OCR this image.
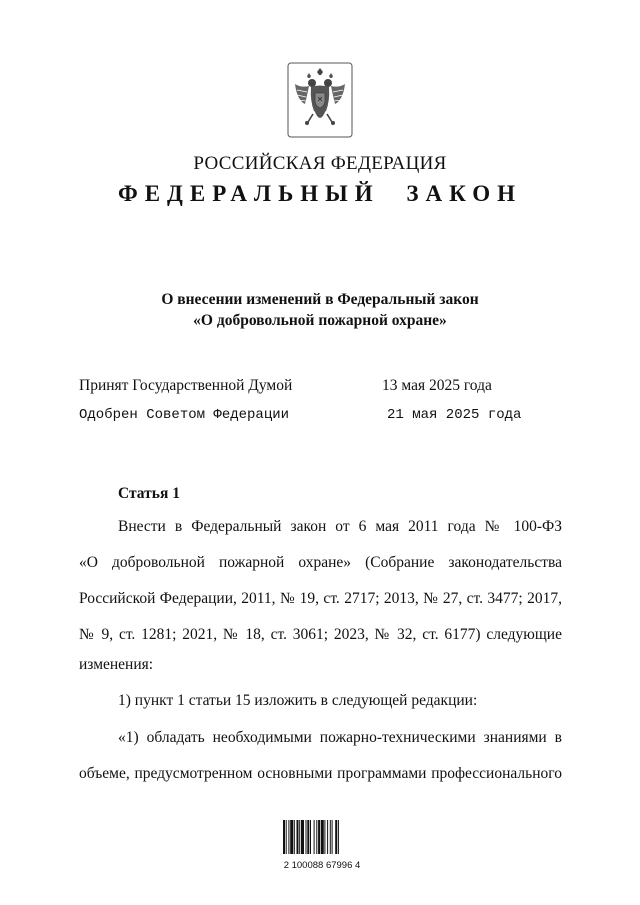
РОССИЙСКАЯ ФЕДЕРАЦИЯ
ФЕДЕРАЛЬНЫЙ ЗАКОН
О внесении изменений в Федеральный закон
«О добровольной пожарной охране»
Принят Государственной Думой	13 мая 2025 года
Одобрен Советом Федерации	21 мая 2025 года
Статья 1
Внести в Федеральный закон от 6 мая 2011 года № 100-ФЗ
«О добровольной пожарной охране» (Собрание законодательства
Российской Федерации, 2011, № 19, ст. 2717; 2013, № 27, ст. 3477; 2017,
№ 9, ст. 1281; 2021, № 18, ст. 3061; 2023, № 32, ст. 6177) следующие
изменения:
1) пункт 1 статьи 15 изложить в следующей редакции:
«1) обладать необходимыми пожарно-техническими знаниями в
объеме, предусмотренном основными программами профессионального
2 100088 67996 4
